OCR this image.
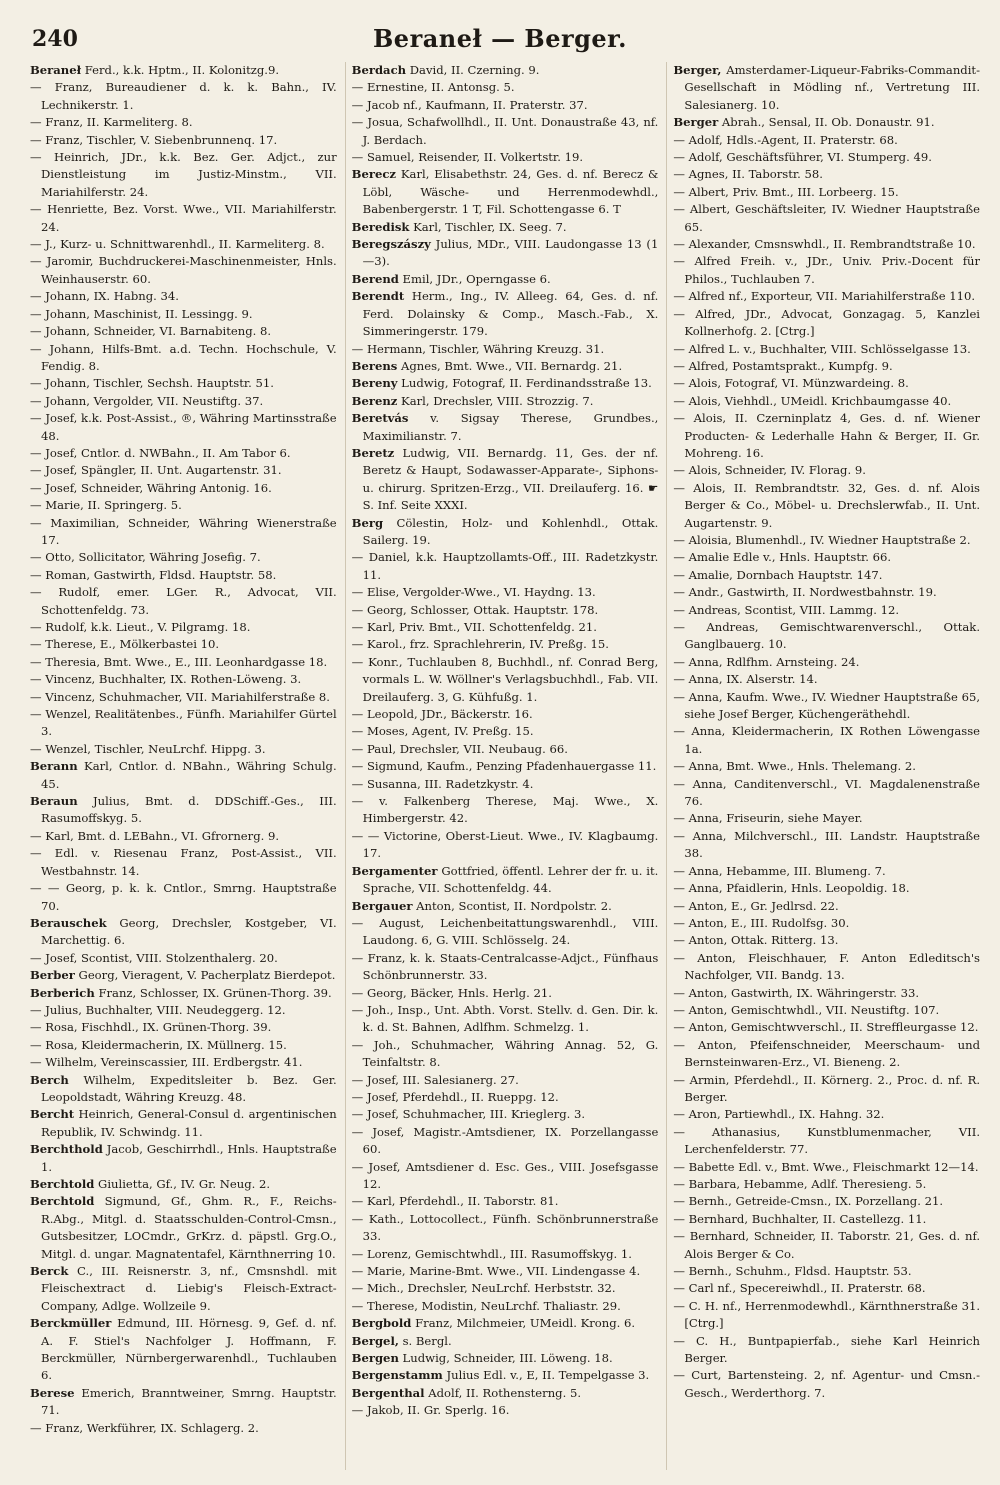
240	Beraneł — Berger.
Beraneł Ferd., k.k. Hptm., II. Kolonitzg.9.
— Franz, Bureaudiener d. k. k. Bahn., IV. Lechnikerstr. 1.
— Franz, II. Karmeliterg. 8.
— Franz, Tischler, V. Siebenbrunnenq. 17.
— Heinrich, JDr., k.k. Bez. Ger. Adjct., zur Dienstleistung im Justiz-Minstm., VII. Mariahilferstr. 24.
— Henriette, Bez. Vorst. Wwe., VII. Mariahilferstr. 24.
— J., Kurz- u. Schnittwarenhdl., II. Karmeliterg. 8.
— Jaromir, Buchdruckerei-Maschinenmeister, Hnls. Weinhauserstr. 60.
— Johann, IX. Habng. 34.
— Johann, Maschinist, II. Lessingg. 9.
— Johann, Schneider, VI. Barnabiteng. 8.
— Johann, Hilfs-Bmt. a.d. Techn. Hochschule, V. Fendig. 8.
— Johann, Tischler, Sechsh. Hauptstr. 51.
— Johann, Vergolder, VII. Neustiftg. 37.
— Josef, k.k. Post-Assist., ®, Währing Martinsstraße 48.
— Josef, Cntlor. d. NWBahn., II. Am Tabor 6.
— Josef, Spängler, II. Unt. Augartenstr. 31.
— Josef, Schneider, Währing Antonig. 16.
— Marie, II. Springerg. 5.
— Maximilian, Schneider, Währing Wienerstraße 17.
— Otto, Sollicitator, Währing Josefig. 7.
— Roman, Gastwirth, Fldsd. Hauptstr. 58.
— Rudolf, emer. LGer. R., Advocat, VII. Schottenfeldg. 73.
— Rudolf, k.k. Lieut., V. Pilgramg. 18.
— Therese, E., Mölkerbastei 10.
— Theresia, Bmt. Wwe., E., III. Leonhardgasse 18.
— Vincenz, Buchhalter, IX. Rothen-Löweng. 3.
— Vincenz, Schuhmacher, VII. Mariahilferstraße 8.
— Wenzel, Realitätenbes., Fünfh. Mariahilfer Gürtel 3.
— Wenzel, Tischler, NeuLrchf. Hippg. 3.
Berann Karl, Cntlor. d. NBahn., Währing Schulg. 45.
Beraun Julius, Bmt. d. DDSchiff.-Ges., III. Rasumoffskyg. 5.
— Karl, Bmt. d. LEBahn., VI. Gfrornerg. 9.
— Edl. v. Riesenau Franz, Post-Assist., VII. Westbahnstr. 14.
— — Georg, p. k. k. Cntlor., Smrng. Hauptstraße 70.
Berauschek Georg, Drechsler, Kostgeber, VI. Marchettig. 6.
— Josef, Scontist, VIII. Stolzenthalerg. 20.
Berber Georg, Vieragent, V. Pacherplatz Bierdepot.
Berberich Franz, Schlosser, IX. Grünen-Thorg. 39.
— Julius, Buchhalter, VIII. Neudeggerg. 12.
— Rosa, Fischhdl., IX. Grünen-Thorg. 39.
— Rosa, Kleidermacherin, IX. Müllnerg. 15.
— Wilhelm, Vereinscassier, III. Erdbergstr. 41.
Berch Wilhelm, Expeditsleiter b. Bez. Ger. Leopoldstadt, Währing Kreuzg. 48.
Bercht Heinrich, General-Consul d. argentinischen Republik, IV. Schwindg. 11.
Berchthold Jacob, Geschirrhdl., Hnls. Hauptstraße 1.
Berchtold Giulietta, Gf., IV. Gr. Neug. 2.
Berchtold Sigmund, Gf., Ghm. R., F., Reichs-R.Abg., Mitgl. d. Staatsschulden-Control-Cmsn., Gutsbesitzer, LOCmdr., GrKrz. d. päpstl. Grg.O., Mitgl. d. ungar. Magnatentafel, Kärnthnerring 10.
Berck C., III. Reisnerstr. 3, nf., Cmsnshdl. mit Fleischextract d. Liebig's Fleisch-Extract-Company, Adlge. Wollzeile 9.
Berckmüller Edmund, III. Hörnesg. 9, Gef. d. nf. A. F. Stiel's Nachfolger J. Hoffmann, F. Berckmüller, Nürnbergerwarenhdl., Tuchlauben 6.
Berese Emerich, Branntweiner, Smrng. Hauptstr. 71.
— Franz, Werkführer, IX. Schlagerg. 2.
Berdach David, II. Czerning. 9.
— Ernestine, II. Antonsg. 5.
— Jacob nf., Kaufmann, II. Praterstr. 37.
— Josua, Schafwollhdl., II. Unt. Donaustraße 43, nf. J. Berdach.
— Samuel, Reisender, II. Volkertstr. 19.
Berecz Karl, Elisabethstr. 24, Ges. d. nf. Berecz & Löbl, Wäsche- und Herrenmodewhdl., Babenbergerstr. 1 T, Fil. Schottengasse 6. T
Beredisk Karl, Tischler, IX. Seeg. 7.
Beregszászy Julius, MDr., VIII. Laudongasse 13 (1—3).
Berend Emil, JDr., Operngasse 6.
Berendt Herm., Ing., IV. Alleeg. 64, Ges. d. nf. Ferd. Dolainsky & Comp., Masch.-Fab., X. Simmeringerstr. 179.
— Hermann, Tischler, Währing Kreuzg. 31.
Berens Agnes, Bmt. Wwe., VII. Bernardg. 21.
Bereny Ludwig, Fotograf, II. Ferdinandsstraße 13.
Berenz Karl, Drechsler, VIII. Strozzig. 7.
Beretvás v. Sigsay Therese, Grundbes., Maximilianstr. 7.
Beretz Ludwig, VII. Bernardg. 11, Ges. der nf. Beretz & Haupt, Sodawasser-Apparate-, Siphons- u. chirurg. Spritzen-Erzg., VII. Dreilauferg. 16. ☛ S. Inf. Seite XXXI.
Berg Cölestin, Holz- und Kohlenhdl., Ottak. Sailerg. 19.
— Daniel, k.k. Hauptzollamts-Off., III. Radetzkystr. 11.
— Elise, Vergolder-Wwe., VI. Haydng. 13.
— Georg, Schlosser, Ottak. Hauptstr. 178.
— Karl, Priv. Bmt., VII. Schottenfeldg. 21.
— Karol., frz. Sprachlehrerin, IV. Preßg. 15.
— Konr., Tuchlauben 8, Buchhdl., nf. Conrad Berg, vormals L. W. Wöllner's Verlagsbuchhdl., Fab. VII. Dreilauferg. 3, G. Kühfußg. 1.
— Leopold, JDr., Bäckerstr. 16.
— Moses, Agent, IV. Preßg. 15.
— Paul, Drechsler, VII. Neubaug. 66.
— Sigmund, Kaufm., Penzing Pfadenhauergasse 11.
— Susanna, III. Radetzkystr. 4.
— v. Falkenberg Therese, Maj. Wwe., X. Himbergerstr. 42.
— — Victorine, Oberst-Lieut. Wwe., IV. Klagbaumg. 17.
Bergamenter Gottfried, öffentl. Lehrer der fr. u. it. Sprache, VII. Schottenfeldg. 44.
Bergauer Anton, Scontist, II. Nordpolstr. 2.
— August, Leichenbeitattungswarenhdl., VIII. Laudong. 6, G. VIII. Schlösselg. 24.
— Franz, k. k. Staats-Centralcasse-Adjct., Fünfhaus Schönbrunnerstr. 33.
— Georg, Bäcker, Hnls. Herlg. 21.
— Joh., Insp., Unt. Abth. Vorst. Stellv. d. Gen. Dir. k. k. d. St. Bahnen, Adlfhm. Schmelzg. 1.
— Joh., Schuhmacher, Währing Annag. 52, G. Teinfaltstr. 8.
— Josef, III. Salesianerg. 27.
— Josef, Pferdehdl., II. Rueppg. 12.
— Josef, Schuhmacher, III. Krieglerg. 3.
— Josef, Magistr.-Amtsdiener, IX. Porzellangasse 60.
— Josef, Amtsdiener d. Esc. Ges., VIII. Josefsgasse 12.
— Karl, Pferdehdl., II. Taborstr. 81.
— Kath., Lottocollect., Fünfh. Schönbrunnerstraße 33.
— Lorenz, Gemischtwhdl., III. Rasumoffskyg. 1.
— Marie, Marine-Bmt. Wwe., VII. Lindengasse 4.
— Mich., Drechsler, NeuLrchf. Herbststr. 32.
— Therese, Modistin, NeuLrchf. Thaliastr. 29.
Bergbold Franz, Milchmeier, UMeidl. Krong. 6.
Bergel, s. Bergl.
Bergen Ludwig, Schneider, III. Löweng. 18.
Bergenstamm Julius Edl. v., E, II. Tempelgasse 3.
Bergenthal Adolf, II. Rothensterng. 5.
— Jakob, II. Gr. Sperlg. 16.
Berger, Amsterdamer-Liqueur-Fabriks-Commandit-Gesellschaft in Mödling nf., Vertretung III. Salesianerg. 10.
Berger Abrah., Sensal, II. Ob. Donaustr. 91.
— Adolf, Hdls.-Agent, II. Praterstr. 68.
— Adolf, Geschäftsführer, VI. Stumperg. 49.
— Agnes, II. Taborstr. 58.
— Albert, Priv. Bmt., III. Lorbeerg. 15.
— Albert, Geschäftsleiter, IV. Wiedner Hauptstraße 65.
— Alexander, Cmsnswhdl., II. Rembrandtstraße 10.
— Alfred Freih. v., JDr., Univ. Priv.-Docent für Philos., Tuchlauben 7.
— Alfred nf., Exporteur, VII. Mariahilferstraße 110.
— Alfred, JDr., Advocat, Gonzagag. 5, Kanzlei Kollnerhofg. 2. [Ctrg.]
— Alfred L. v., Buchhalter, VIII. Schlösselgasse 13.
— Alfred, Postamtsprakt., Kumpfg. 9.
— Alois, Fotograf, VI. Münzwardeing. 8.
— Alois, Viehhdl., UMeidl. Krichbaumgasse 40.
— Alois, II. Czerninplatz 4, Ges. d. nf. Wiener Producten- & Lederhalle Hahn & Berger, II. Gr. Mohreng. 16.
— Alois, Schneider, IV. Florag. 9.
— Alois, II. Rembrandtstr. 32, Ges. d. nf. Alois Berger & Co., Möbel- u. Drechslerwfab., II. Unt. Augartenstr. 9.
— Aloisia, Blumenhdl., IV. Wiedner Hauptstraße 2.
— Amalie Edle v., Hnls. Hauptstr. 66.
— Amalie, Dornbach Hauptstr. 147.
— Andr., Gastwirth, II. Nordwestbahnstr. 19.
— Andreas, Scontist, VIII. Lammg. 12.
— Andreas, Gemischtwarenverschl., Ottak. Ganglbauerg. 10.
— Anna, Rdlfhm. Arnsteing. 24.
— Anna, IX. Alserstr. 14.
— Anna, Kaufm. Wwe., IV. Wiedner Hauptstraße 65, siehe Josef Berger, Küchengeräthehdl.
— Anna, Kleidermacherin, IX Rothen Löwengasse 1a.
— Anna, Bmt. Wwe., Hnls. Thelemang. 2.
— Anna, Canditenverschl., VI. Magdalenenstraße 76.
— Anna, Friseurin, siehe Mayer.
— Anna, Milchverschl., III. Landstr. Hauptstraße 38.
— Anna, Hebamme, III. Blumeng. 7.
— Anna, Pfaidlerin, Hnls. Leopoldig. 18.
— Anton, E., Gr. Jedlrsd. 22.
— Anton, E., III. Rudolfsg. 30.
— Anton, Ottak. Ritterg. 13.
— Anton, Fleischhauer, F. Anton Edleditsch's Nachfolger, VII. Bandg. 13.
— Anton, Gastwirth, IX. Währingerstr. 33.
— Anton, Gemischtwhdl., VII. Neustiftg. 107.
— Anton, Gemischtwverschl., II. Streffleurgasse 12.
— Anton, Pfeifenschneider, Meerschaum- und Bernsteinwaren-Erz., VI. Bieneng. 2.
— Armin, Pferdehdl., II. Körnerg. 2., Proc. d. nf. R. Berger.
— Aron, Partiewhdl., IX. Hahng. 32.
— Athanasius, Kunstblumenmacher, VII. Lerchenfelderstr. 77.
— Babette Edl. v., Bmt. Wwe., Fleischmarkt 12—14.
— Barbara, Hebamme, Adlf. Theresieng. 5.
— Bernh., Getreide-Cmsn., IX. Porzellang. 21.
— Bernhard, Buchhalter, II. Castellezg. 11.
— Bernhard, Schneider, II. Taborstr. 21, Ges. d. nf. Alois Berger & Co.
— Bernh., Schuhm., Fldsd. Hauptstr. 53.
— Carl nf., Specereiwhdl., II. Praterstr. 68.
— C. H. nf., Herrenmodewhdl., Kärnthnerstraße 31. [Ctrg.]
— C. H., Buntpapierfab., siehe Karl Heinrich Berger.
— Curt, Bartensteing. 2, nf. Agentur- und Cmsn.-Gesch., Werderthorg. 7.
